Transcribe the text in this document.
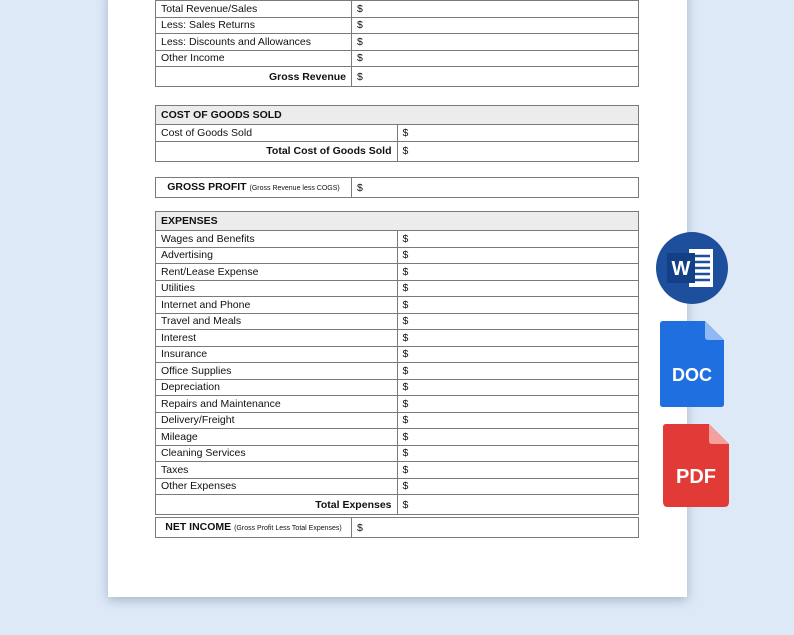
Total Revenue/Sales	$
Less: Sales Returns	$
Less: Discounts and Allowances	$
Other Income	$
Gross Revenue	$
COST OF GOODS SOLD	
Cost of Goods Sold	$
Total Cost of Goods Sold	$
GROSS PROFIT (Gross Revenue less COGS)	$
EXPENSES	
Wages and Benefits	$
Advertising	$
Rent/Lease Expense	$
Utilities	$
Internet and Phone	$
Travel and Meals	$
Interest	$
Insurance	$
Office Supplies	$
Depreciation	$
Repairs and Maintenance	$
Delivery/Freight	$
Mileage	$
Cleaning Services	$
Taxes	$
Other Expenses	$
Total Expenses	$
NET INCOME (Gross Profit Less Total Expenses)	$
W
DOC
PDF
